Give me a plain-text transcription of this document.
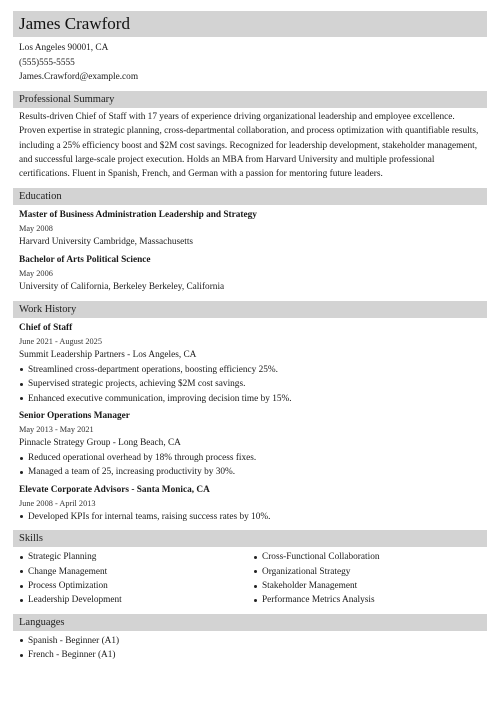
James Crawford
Los Angeles 90001, CA
(555)555-5555
James.Crawford@example.com
Professional Summary
Results-driven Chief of Staff with 17 years of experience driving organizational leadership and employee excellence. Proven expertise in strategic planning, cross-departmental collaboration, and process optimization with quantifiable results, including a 25% efficiency boost and $2M cost savings. Recognized for leadership development, stakeholder management, and successful large-scale project execution. Holds an MBA from Harvard University and multiple professional certifications. Fluent in Spanish, French, and German with a passion for mentoring future leaders.
Education
Master of Business Administration Leadership and Strategy
May 2008
Harvard University Cambridge, Massachusetts
Bachelor of Arts Political Science
May 2006
University of California, Berkeley Berkeley, California
Work History
Chief of Staff
June 2021 - August 2025
Summit Leadership Partners - Los Angeles, CA
Streamlined cross-department operations, boosting efficiency 25%.
Supervised strategic projects, achieving $2M cost savings.
Enhanced executive communication, improving decision time by 15%.
Senior Operations Manager
May 2013 - May 2021
Pinnacle Strategy Group - Long Beach, CA
Reduced operational overhead by 18% through process fixes.
Managed a team of 25, increasing productivity by 30%.
Elevate Corporate Advisors - Santa Monica, CA
June 2008 - April 2013
Developed KPIs for internal teams, raising success rates by 10%.
Skills
Strategic Planning
Change Management
Process Optimization
Leadership Development
Cross-Functional Collaboration
Organizational Strategy
Stakeholder Management
Performance Metrics Analysis
Languages
Spanish - Beginner (A1)
French - Beginner (A1)
